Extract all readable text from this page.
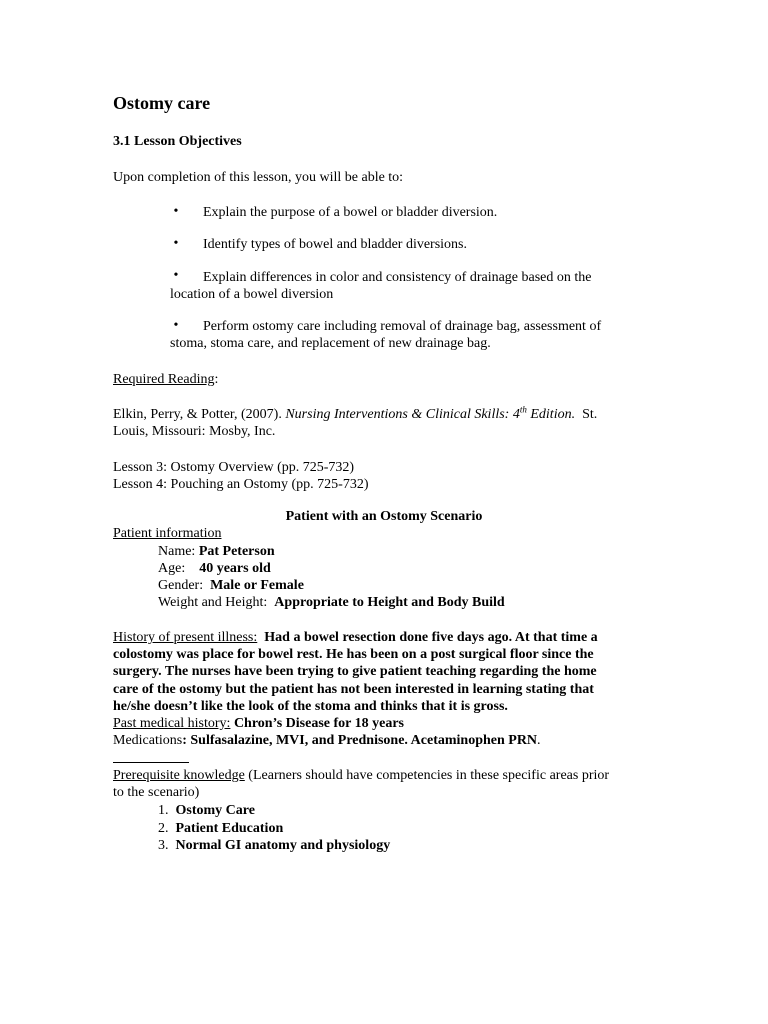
Ostomy care
3.1 Lesson Objectives
Upon completion of this lesson, you will be able to:
•	Explain the purpose of a bowel or bladder diversion.
•	Identify types of bowel and bladder diversions.
•	Explain differences in color and consistency of drainage based on the
location of a bowel diversion
•	Perform ostomy care including removal of drainage bag, assessment of
stoma, stoma care, and replacement of new drainage bag.
Required Reading:
Elkin, Perry, & Potter, (2007). Nursing Interventions & Clinical Skills: 4th Edition. St.
Louis, Missouri: Mosby, Inc.
Lesson 3: Ostomy Overview (pp. 725-732)
Lesson 4: Pouching an Ostomy (pp. 725-732)
Patient with an Ostomy Scenario
Patient information
Name: Pat Peterson
Age: 40 years old
Gender: Male or Female
Weight and Height: Appropriate to Height and Body Build
History of present illness: Had a bowel resection done five days ago. At that time a
colostomy was place for bowel rest. He has been on a post surgical floor since the
surgery. The nurses have been trying to give patient teaching regarding the home
care of the ostomy but the patient has not been interested in learning stating that
he/she doesn’t like the look of the stoma and thinks that it is gross.
Past medical history: Chron’s Disease for 18 years
Medications: Sulfasalazine, MVI, and Prednisone. Acetaminophen PRN.
Prerequisite knowledge (Learners should have competencies in these specific areas prior
to the scenario)
1. Ostomy Care
2. Patient Education
3. Normal GI anatomy and physiology
